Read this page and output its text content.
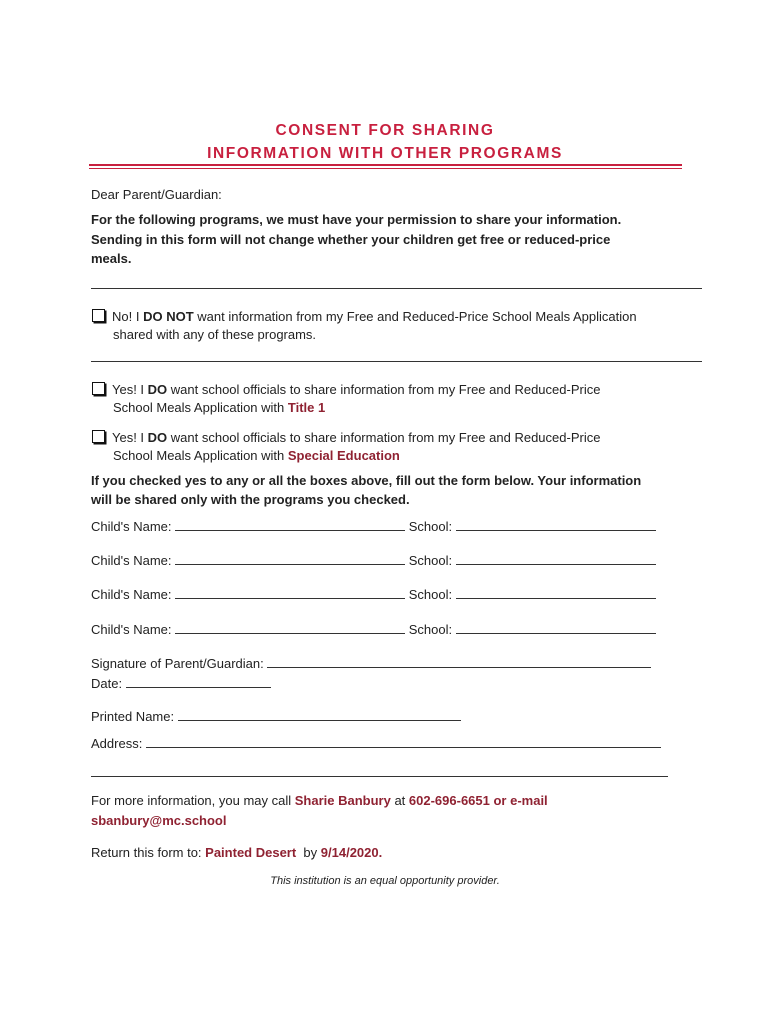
CONSENT FOR SHARING
INFORMATION WITH OTHER PROGRAMS
Dear Parent/Guardian:
For the following programs, we must have your permission to share your information.
Sending in this form will not change whether your children get free or reduced-price
meals.
No! I DO NOT want information from my Free and Reduced-Price School Meals Application
shared with any of these programs.
Yes! I DO want school officials to share information from my Free and Reduced-Price
School Meals Application with Title 1
Yes! I DO want school officials to share information from my Free and Reduced-Price
School Meals Application with Special Education
If you checked yes to any or all the boxes above, fill out the form below. Your information
will be shared only with the programs you checked.
Child's Name:	School:
Child's Name:	School:
Child's Name:	School:
Child's Name:	School:
Signature of Parent/Guardian:
Date:
Printed Name:
Address:
For more information, you may call Sharie Banbury at 602-696-6651 or e-mail
sbanbury@mc.school
Return this form to: Painted Desert  by 9/14/2020.
This institution is an equal opportunity provider.
